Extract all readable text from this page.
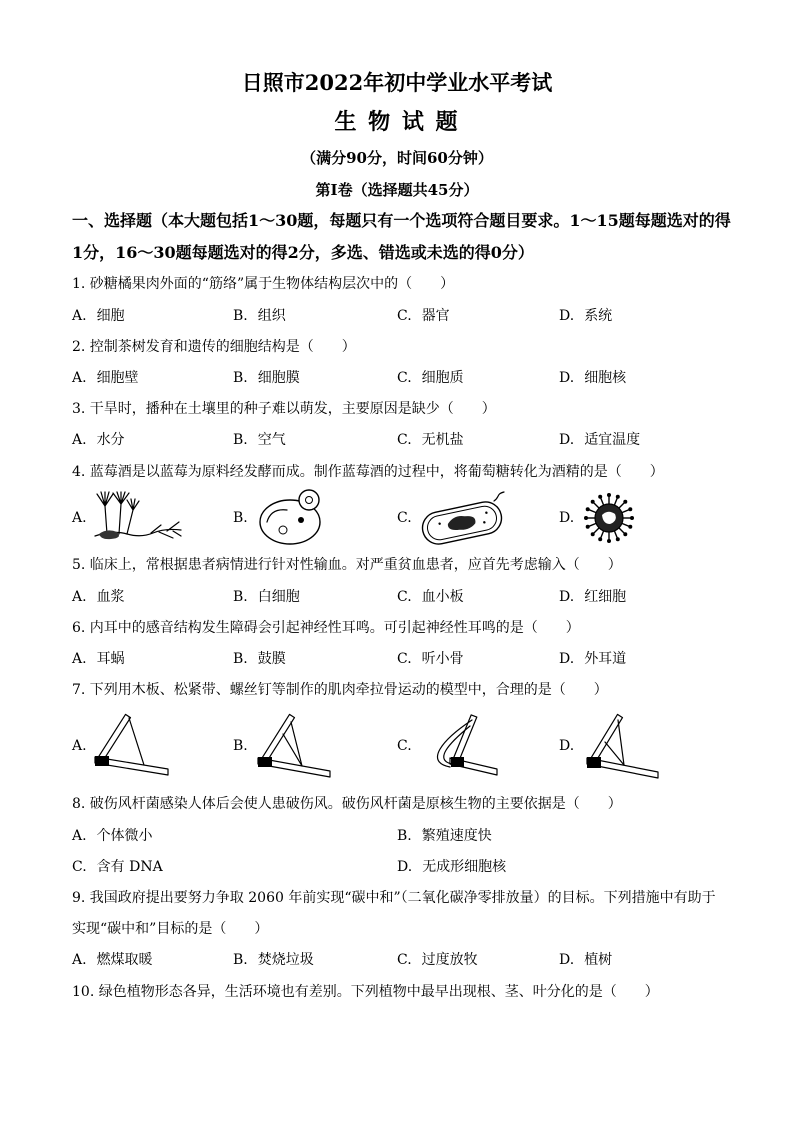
日照市2022年初中学业水平考试
生 物 试 题
（满分90分，时间60分钟）
第Ⅰ卷（选择题共45分）
一、选择题（本大题包括1～30题，每题只有一个选项符合题目要求。1～15题每题选对的得
1分，16～30题每题选对的得2分，多选、错选或未选的得0分）
1. 砂糖橘果肉外面的“筋络”属于生物体结构层次中的（　　）
A. 细胞	B. 组织	C. 器官	D. 系统
2. 控制茶树发育和遗传的细胞结构是（　　）
A. 细胞壁	B. 细胞膜	C. 细胞质	D. 细胞核
3. 干旱时，播种在土壤里的种子难以萌发，主要原因是缺少（　　）
A. 水分	B. 空气	C. 无机盐	D. 适宜温度
4. 蓝莓酒是以蓝莓为原料经发酵而成。制作蓝莓酒的过程中，将葡萄糖转化为酒精的是（　　）
A.	B.	C.	D.
5. 临床上，常根据患者病情进行针对性输血。对严重贫血患者，应首先考虑输入（　　）
A. 血浆	B. 白细胞	C. 血小板	D. 红细胞
6. 内耳中的感音结构发生障碍会引起神经性耳鸣。可引起神经性耳鸣的是（　　）
A. 耳蜗	B. 鼓膜	C. 听小骨	D. 外耳道
7. 下列用木板、松紧带、螺丝钉等制作的肌肉牵拉骨运动的模型中，合理的是（　　）
A.	B.	C.	D.
8. 破伤风杆菌感染人体后会使人患破伤风。破伤风杆菌是原核生物的主要依据是（　　）
A. 个体微小	B. 繁殖速度快
C. 含有 DNA	D. 无成形细胞核
9. 我国政府提出要努力争取 2060 年前实现“碳中和”（二氧化碳净零排放量）的目标。下列措施中有助于
实现“碳中和”目标的是（　　）
A. 燃煤取暖	B. 焚烧垃圾	C. 过度放牧	D. 植树
10. 绿色植物形态各异，生活环境也有差别。下列植物中最早出现根、茎、叶分化的是（　　）
